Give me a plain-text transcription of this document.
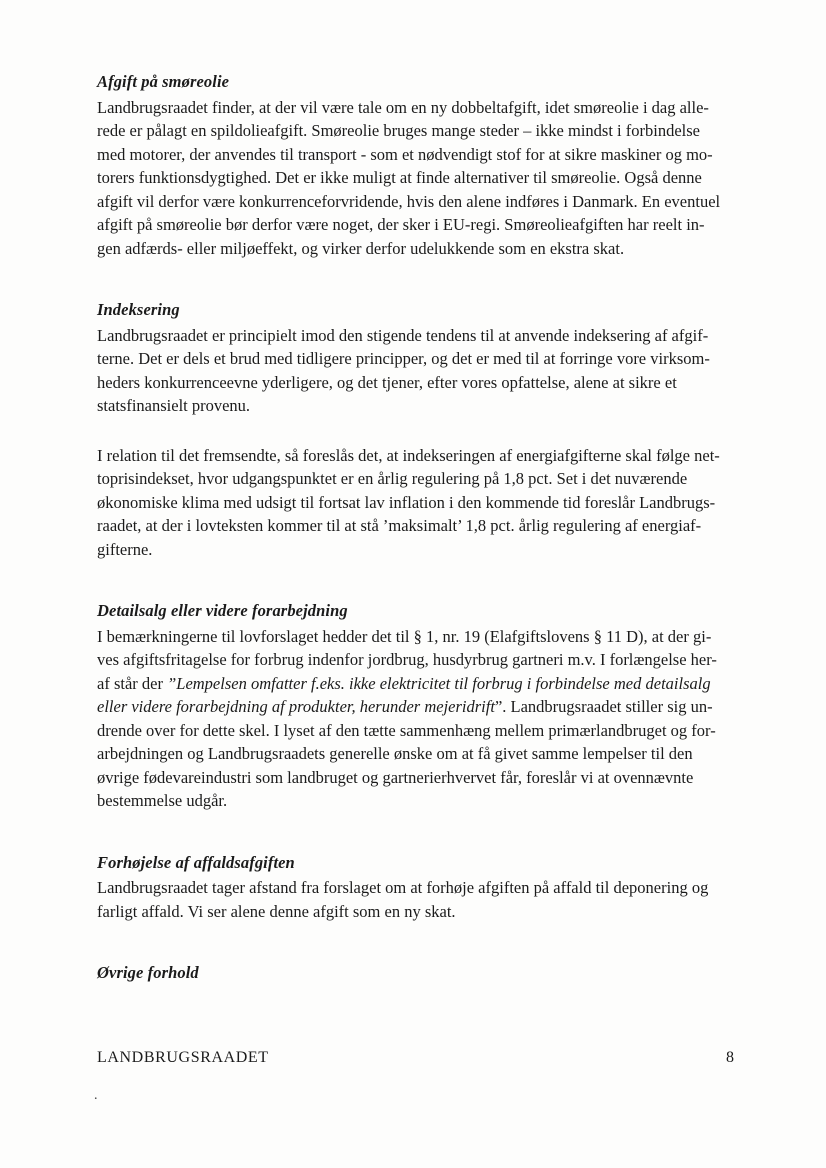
Afgift på smøreolie

Landbrugsraadet finder, at der vil være tale om en ny dobbeltafgift, idet smøreolie i dag alle-
rede er pålagt en spildolieafgift. Smøreolie bruges mange steder – ikke mindst i forbindelse
med motorer, der anvendes til transport - som et nødvendigt stof for at sikre maskiner og mo-
torers funktionsdygtighed. Det er ikke muligt at finde alternativer til smøreolie. Også denne
afgift vil derfor være konkurrenceforvridende, hvis den alene indføres i Danmark. En eventuel
afgift på smøreolie bør derfor være noget, der sker i EU-regi. Smøreolieafgiften har reelt in-
gen adfærds- eller miljøeffekt, og virker derfor udelukkende som en ekstra skat.

Indeksering

Landbrugsraadet er principielt imod den stigende tendens til at anvende indeksering af afgif-
terne. Det er dels et brud med tidligere principper, og det er med til at forringe vore virksom-
heders konkurrenceevne yderligere, og det tjener, efter vores opfattelse, alene at sikre et
statsfinansielt provenu.

I relation til det fremsendte, så foreslås det, at indekseringen af energiafgifterne skal følge net-
toprisindekset, hvor udgangspunktet er en årlig regulering på 1,8 pct. Set i det nuværende
økonomiske klima med udsigt til fortsat lav inflation i den kommende tid foreslår Landbrugs-
raadet, at der i lovteksten kommer til at stå ’maksimalt’ 1,8 pct. årlig regulering af energiaf-
gifterne.

Detailsalg eller videre forarbejdning

I bemærkningerne til lovforslaget hedder det til § 1, nr. 19 (Elafgiftslovens § 11 D), at der gi-
ves afgiftsfritagelse for forbrug indenfor jordbrug, husdyrbrug gartneri m.v. I forlængelse her-
af står der ”Lempelsen omfatter f.eks. ikke elektricitet til forbrug i forbindelse med detailsalg
eller videre forarbejdning af produkter, herunder mejeridrift”. Landbrugsraadet stiller sig un-
drende over for dette skel. I lyset af den tætte sammenhæng mellem primærlandbruget og for-
arbejdningen og Landbrugsraadets generelle ønske om at få givet samme lempelser til den
øvrige fødevareindustri som landbruget og gartnerierhvervet får, foreslår vi at ovennævnte
bestemmelse udgår.

Forhøjelse af affaldsafgiften

Landbrugsraadet tager afstand fra forslaget om at forhøje afgiften på affald til deponering og
farligt affald. Vi ser alene denne afgift som en ny skat.

Øvrige forhold
LANDBRUGSRAADET	8
.
